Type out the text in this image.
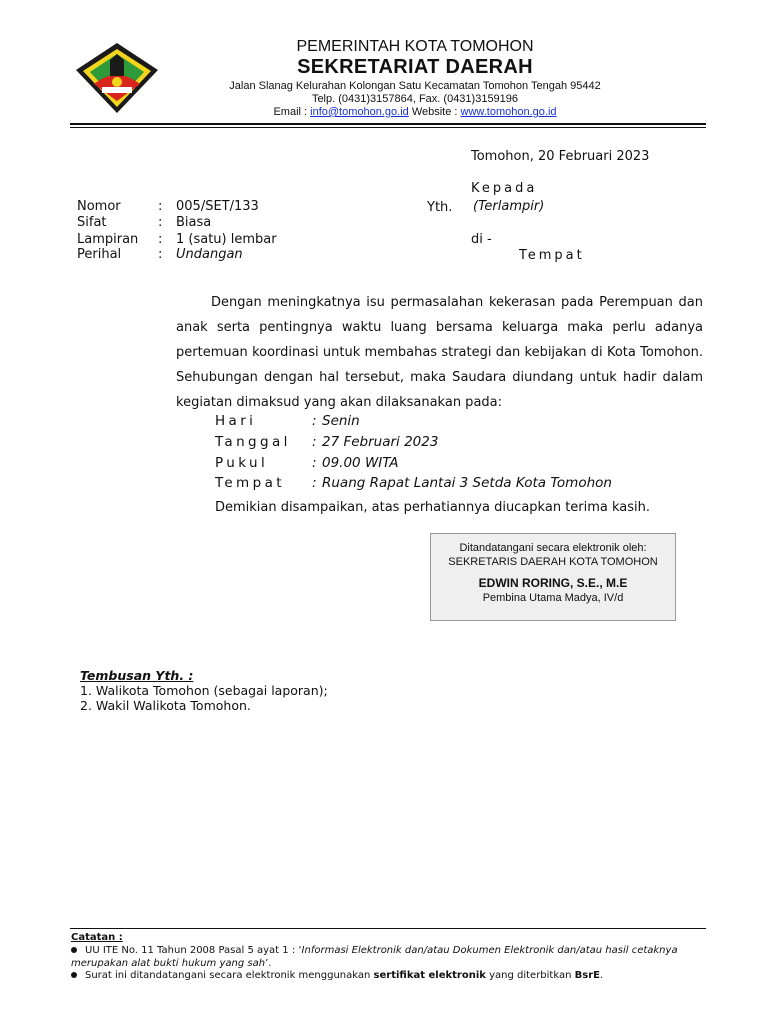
PEMERINTAH KOTA TOMOHON
SEKRETARIAT DAERAH
Jalan Slanag Kelurahan Kolongan Satu Kecamatan Tomohon Tengah 95442
Telp. (0431)3157864, Fax. (0431)3159196
Email : info@tomohon.go.id Website : www.tomohon.go.id
Tomohon, 20 Februari 2023
Kepada
Yth. (Terlampir)
di -
Tempat
Nomor	: 005/SET/133
Sifat	: Biasa
Lampiran : 1 (satu) lembar
Perihal	: Undangan
Dengan meningkatnya isu permasalahan kekerasan pada Perempuan dan anak serta pentingnya waktu luang bersama keluarga maka perlu adanya pertemuan koordinasi untuk membahas strategi dan kebijakan di Kota Tomohon. Sehubungan dengan hal tersebut, maka Saudara diundang untuk hadir dalam kegiatan dimaksud yang akan dilaksanakan pada:
Hari	: Senin
Tanggal : 27 Februari 2023
Pukul	: 09.00 WITA
Tempat : Ruang Rapat Lantai 3 Setda Kota Tomohon
Demikian disampaikan, atas perhatiannya diucapkan terima kasih.
Ditandatangani secara elektronik oleh:
SEKRETARIS DAERAH KOTA TOMOHON
EDWIN RORING, S.E., M.E
Pembina Utama Madya, IV/d
Tembusan Yth. :
1. Walikota Tomohon (sebagai laporan);
2. Wakil Walikota Tomohon.
Catatan :
UU ITE No. 11 Tahun 2008 Pasal 5 ayat 1 : ‘Informasi Elektronik dan/atau Dokumen Elektronik dan/atau hasil cetaknya merupakan alat bukti hukum yang sah’.
Surat ini ditandatangani secara elektronik menggunakan sertifikat elektronik yang diterbitkan BsrE.
